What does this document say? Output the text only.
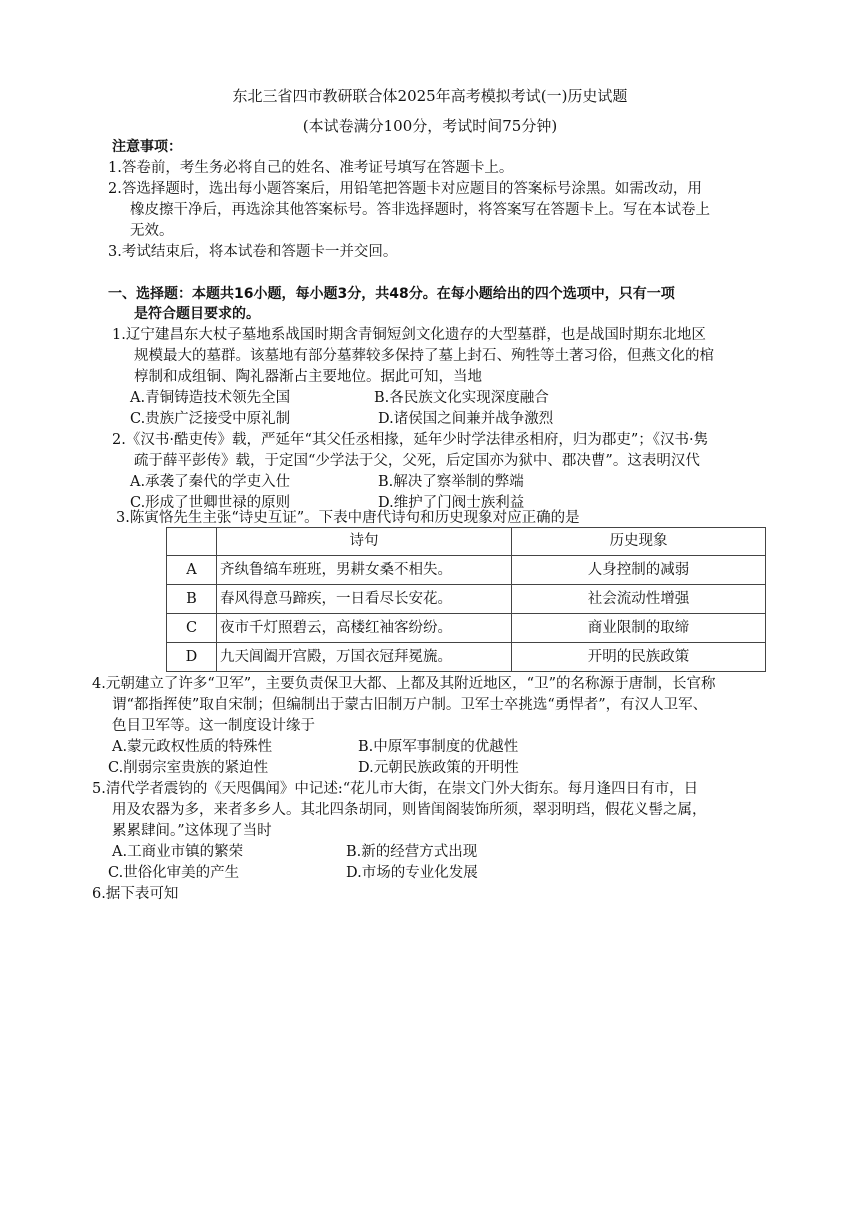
东北三省四市教研联合体2025年高考模拟考试(一)历史试题
(本试卷满分100分，考试时间75分钟)
注意事项：
1.答卷前，考生务必将自己的姓名、准考证号填写在答题卡上。
2.答选择题时，选出每小题答案后，用铅笔把答题卡对应题目的答案标号涂黑。如需改动，用
橡皮擦干净后，再选涂其他答案标号。答非选择题时，将答案写在答题卡上。写在本试卷上
无效。
3.考试结束后，将本试卷和答题卡一并交回。
一、选择题：本题共16小题，每小题3分，共48分。在每小题给出的四个选项中，只有一项
是符合题目要求的。
1.辽宁建昌东大杖子墓地系战国时期含青铜短剑文化遗存的大型墓群，也是战国时期东北地区
规模最大的墓群。该墓地有部分墓葬较多保持了墓上封石、殉牲等土著习俗，但燕文化的棺
椁制和成组铜、陶礼器渐占主要地位。据此可知，当地
A.青铜铸造技术领先全国	B.各民族文化实现深度融合
C.贵族广泛接受中原礼制	D.诸侯国之间兼并战争激烈
2.《汉书·酷吏传》载，严延年“其父任丞相掾，延年少时学法律丞相府，归为郡吏”；《汉书·隽
疏于薛平彭传》载，于定国“少学法于父，父死，后定国亦为狱中、郡决曹”。这表明汉代
A.承袭了秦代的学吏入仕	B.解决了察举制的弊端
C.形成了世卿世禄的原则	D.维护了门阀士族利益
3.陈寅恪先生主张“诗史互证”。下表中唐代诗句和历史现象对应正确的是
	诗句	历史现象
A	齐纨鲁缟车班班，男耕女桑不相失。	人身控制的减弱
B	春风得意马蹄疾，一日看尽长安花。	社会流动性增强
C	夜市千灯照碧云，高楼红袖客纷纷。	商业限制的取缔
D	九天阊阖开宫殿，万国衣冠拜冕旒。	开明的民族政策
4.元朝建立了许多“卫军”，主要负责保卫大都、上都及其附近地区，“卫”的名称源于唐制，长官称
谓“都指挥使”取自宋制；但编制出于蒙古旧制万户制。卫军士卒挑选“勇悍者”，有汉人卫军、
色目卫军等。这一制度设计缘于
A.蒙元政权性质的特殊性	B.中原军事制度的优越性
C.削弱宗室贵族的紧迫性	D.元朝民族政策的开明性
5.清代学者震钧的《天咫偶闻》中记述:“花儿市大街，在崇文门外大街东。每月逢四日有市，日
用及农器为多，来者多乡人。其北四条胡同，则皆闺阁装饰所须，翠羽明珰，假花义髻之属，
累累肆间。”这体现了当时
A.工商业市镇的繁荣	B.新的经营方式出现
C.世俗化审美的产生	D.市场的专业化发展
6.据下表可知
